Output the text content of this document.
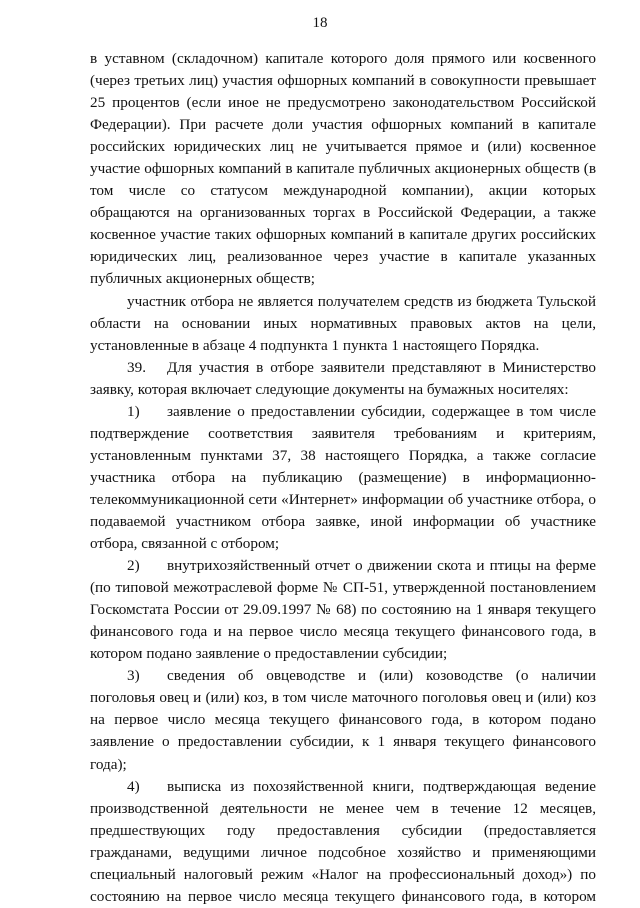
18

в уставном (складочном) капитале которого доля прямого или косвенного (через третьих лиц) участия офшорных компаний в совокупности превышает 25 процентов (если иное не предусмотрено законодательством Российской Федерации). При расчете доли участия офшорных компаний в капитале российских юридических лиц не учитывается прямое и (или) косвенное участие офшорных компаний в капитале публичных акционерных обществ (в том числе со статусом международной компании), акции которых обращаются на организованных торгах в Российской Федерации, а также косвенное участие таких офшорных компаний в капитале других российских юридических лиц, реализованное через участие в капитале указанных публичных акционерных обществ;

участник отбора не является получателем средств из бюджета Тульской области на основании иных нормативных правовых актов на цели, установленные в абзаце 4 подпункта 1 пункта 1 настоящего Порядка.

39. Для участия в отборе заявители представляют в Министерство заявку, которая включает следующие документы на бумажных носителях:

1) заявление о предоставлении субсидии, содержащее в том числе подтверждение соответствия заявителя требованиям и критериям, установленным пунктами 37, 38 настоящего Порядка, а также согласие участника отбора на публикацию (размещение) в информационно-телекоммуникационной сети «Интернет» информации об участнике отбора, о подаваемой участником отбора заявке, иной информации об участнике отбора, связанной с отбором;

2) внутрихозяйственный отчет о движении скота и птицы на ферме (по типовой межотраслевой форме № СП-51, утвержденной постановлением Госкомстата России от 29.09.1997 № 68) по состоянию на 1 января текущего финансового года и на первое число месяца текущего финансового года, в котором подано заявление о предоставлении субсидии;

3) сведения об овцеводстве и (или) козоводстве (о наличии поголовья овец и (или) коз, в том числе маточного поголовья овец и (или) коз на первое число месяца текущего финансового года, в котором подано заявление о предоставлении субсидии, к 1 января текущего финансового года);

4) выписка из похозяйственной книги, подтверждающая ведение производственной деятельности не менее чем в течение 12 месяцев, предшествующих году предоставления субсидии (предоставляется гражданами, ведущими личное подсобное хозяйство и применяющими специальный налоговый режим «Налог на профессиональный доход») по состоянию на первое число месяца текущего финансового года, в котором
